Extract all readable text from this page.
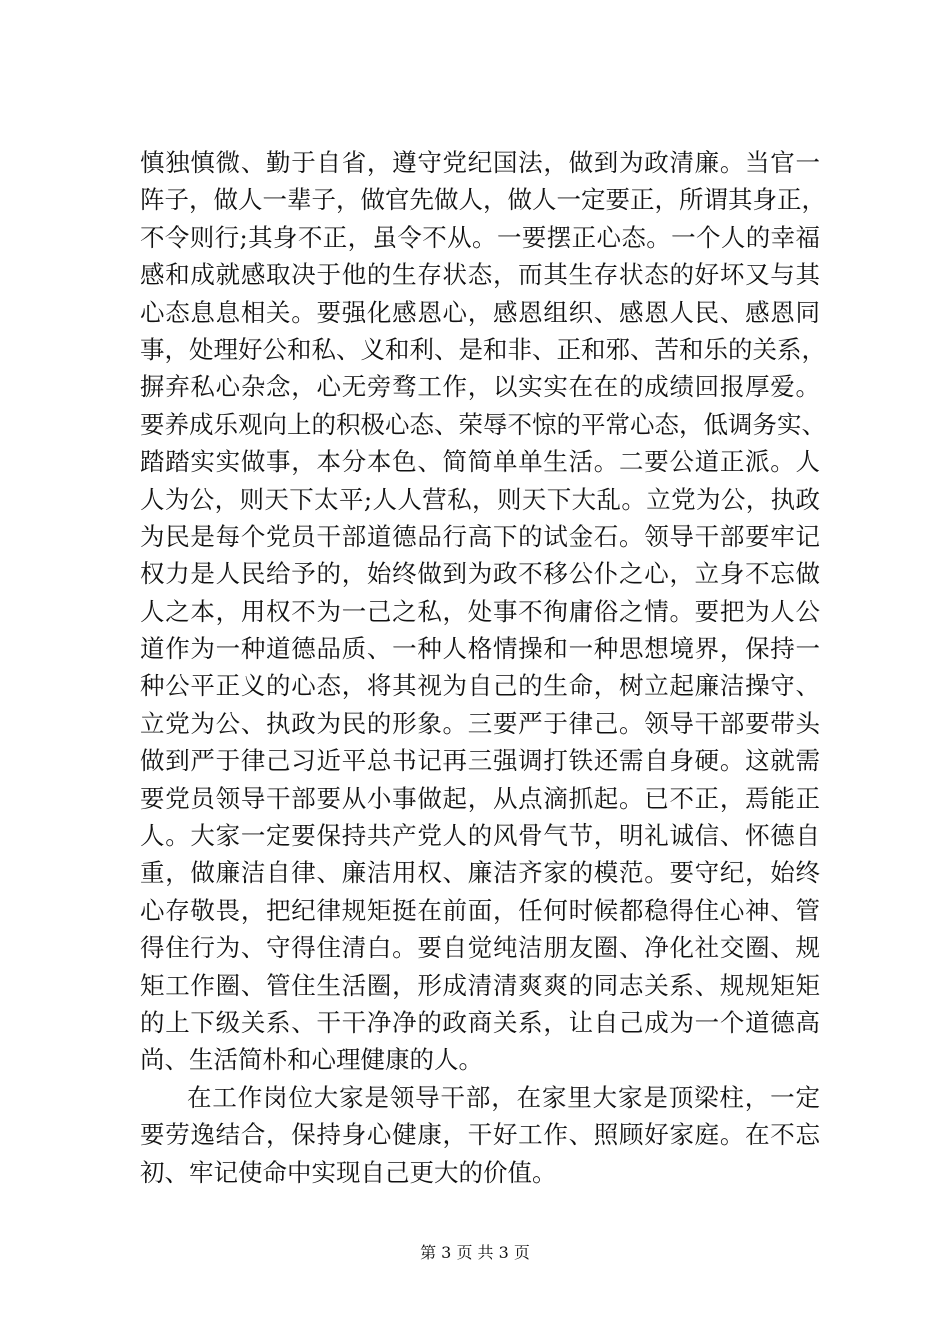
慎独慎微、勤于自省，遵守党纪国法，做到为政清廉。当官一
阵子，做人一辈子，做官先做人，做人一定要正，所谓其身正，
不令则行;其身不正，虽令不从。一要摆正心态。一个人的幸福
感和成就感取决于他的生存状态，而其生存状态的好坏又与其
心态息息相关。要强化感恩心，感恩组织、感恩人民、感恩同
事，处理好公和私、义和利、是和非、正和邪、苦和乐的关系，
摒弃私心杂念，心无旁骛工作，以实实在在的成绩回报厚爱。
要养成乐观向上的积极心态、荣辱不惊的平常心态，低调务实、
踏踏实实做事，本分本色、简简单单生活。二要公道正派。人
人为公，则天下太平;人人营私，则天下大乱。立党为公，执政
为民是每个党员干部道德品行高下的试金石。领导干部要牢记
权力是人民给予的，始终做到为政不移公仆之心，立身不忘做
人之本，用权不为一己之私，处事不徇庸俗之情。要把为人公
道作为一种道德品质、一种人格情操和一种思想境界，保持一
种公平正义的心态，将其视为自己的生命，树立起廉洁操守、
立党为公、执政为民的形象。三要严于律己。领导干部要带头
做到严于律己习近平总书记再三强调打铁还需自身硬。这就需
要党员领导干部要从小事做起，从点滴抓起。已不正，焉能正
人。大家一定要保持共产党人的风骨气节，明礼诚信、怀德自
重，做廉洁自律、廉洁用权、廉洁齐家的模范。要守纪，始终
心存敬畏，把纪律规矩挺在前面，任何时候都稳得住心神、管
得住行为、守得住清白。要自觉纯洁朋友圈、净化社交圈、规
矩工作圈、管住生活圈，形成清清爽爽的同志关系、规规矩矩
的上下级关系、干干净净的政商关系，让自己成为一个道德高
尚、生活简朴和心理健康的人。
在工作岗位大家是领导干部，在家里大家是顶梁柱，一定
要劳逸结合，保持身心健康，干好工作、照顾好家庭。在不忘
初、牢记使命中实现自己更大的价值。
第 3 页 共 3 页
